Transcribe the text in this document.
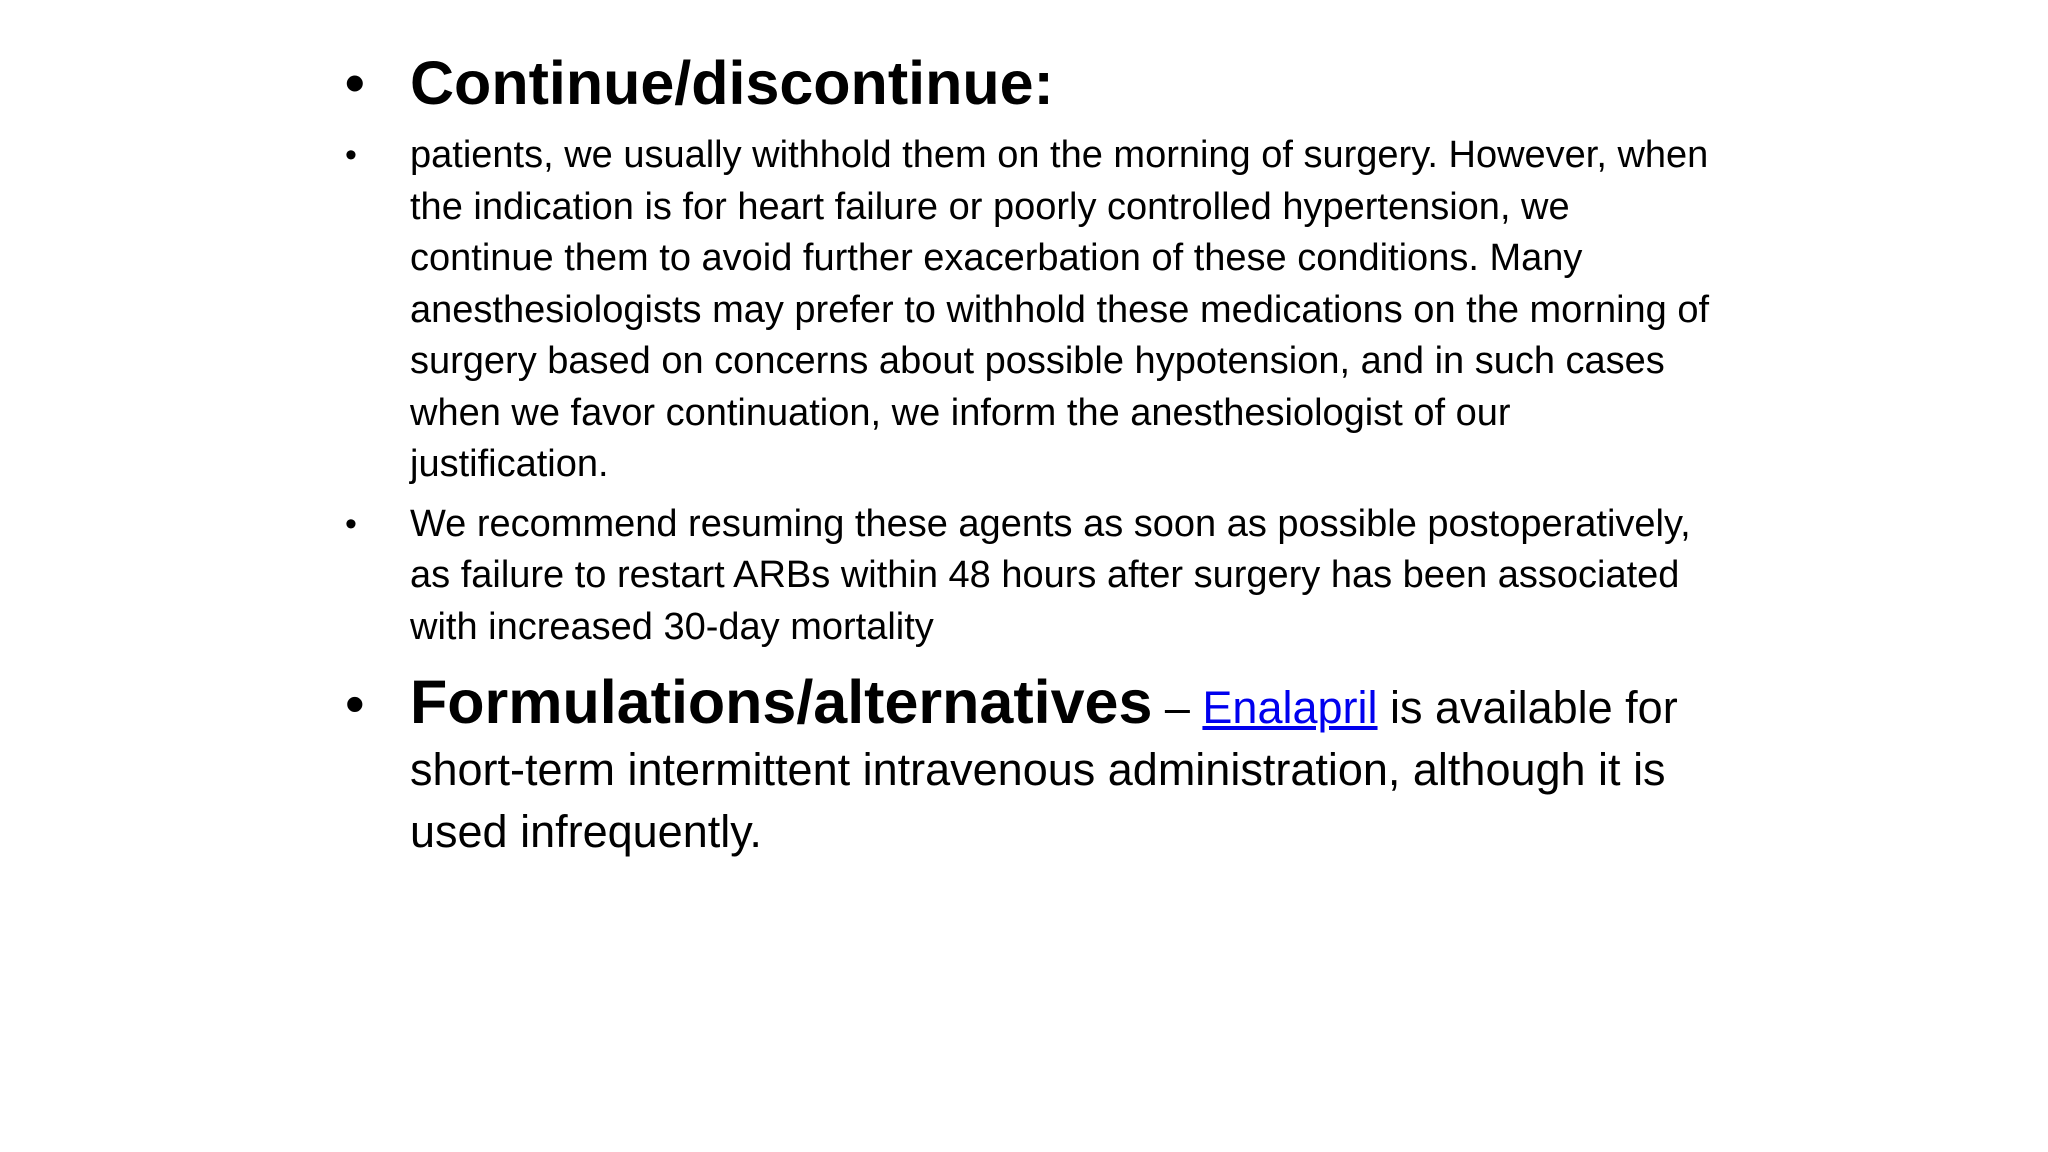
• Continue/discontinue:
• patients, we usually withhold them on the morning of surgery. However, when the indication is for heart failure or poorly controlled hypertension, we continue them to avoid further exacerbation of these conditions. Many anesthesiologists may prefer to withhold these medications on the morning of surgery based on concerns about possible hypotension, and in such cases when we favor continuation, we inform the anesthesiologist of our justification.
• We recommend resuming these agents as soon as possible postoperatively, as failure to restart ARBs within 48 hours after surgery has been associated with increased 30-day mortality
• Formulations/alternatives – Enalapril is available for short-term intermittent intravenous administration, although it is used infrequently.
